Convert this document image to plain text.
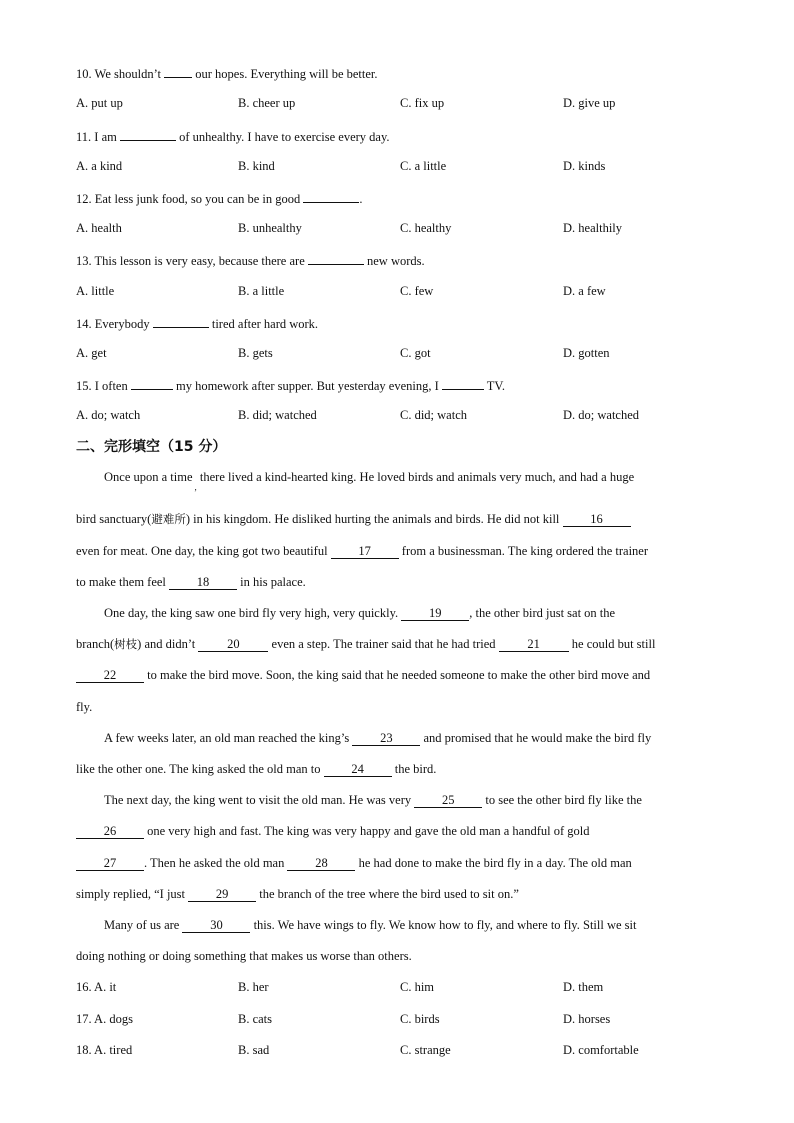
10. We shouldn’t  our hopes. Everything will be better.
A. put up	B. cheer up	C. fix up	D. give up
11. I am	of unhealthy. I have to exercise every day.
A. a kind	B. kind	C. a little	D. kinds
12. Eat less junk food, so you can be in good	.
A. health	B. unhealthy	C. healthy	D. healthily
13. This lesson is very easy, because there are	new words.
A. little	B. a little	C. few	D. a few
14. Everybody	tired after hard work.
A. get	B. gets	C. got	D. gotten
15. I often	my homework after supper. But yesterday evening, I	TV.
A. do; watch	B. did; watched	C. did; watch	D. do; watched
二、完形填空（15 分）
Once upon a time$_,$ there lived a kind-hearted king. He loved birds and animals very much, and had a huge
bird sanctuary(避难所) in his kingdom. He disliked hurting the animals and birds. He did not kill 16
even for meat. One day, the king got two beautiful 17 from a businessman. The king ordered the trainer
to make them feel 18 in his palace.
One day, the king saw one bird fly very high, very quickly. 19 , the other bird just sat on the
branch(树枝) and didn’t 20 even a step. The trainer said that he had tried 21 he could but still
22 to make the bird move. Soon, the king said that he needed someone to make the other bird move and
fly.
A few weeks later, an old man reached the king’s 23 and promised that he would make the bird fly
like the other one. The king asked the old man to 24 the bird.
The next day, the king went to visit the old man. He was very 25 to see the other bird fly like the
26 one very high and fast. The king was very happy and gave the old man a handful of gold
27 . Then he asked the old man 28 he had done to make the bird fly in a day. The old man
simply replied, “I just 29 the branch of the tree where the bird used to sit on.”
Many of us are 30 this. We have wings to fly. We know how to fly, and where to fly. Still we sit
doing nothing or doing something that makes us worse than others.
16. A. it	B. her	C. him	D. them
17. A. dogs	B. cats	C. birds	D. horses
18. A. tired	B. sad	C. strange	D. comfortable
